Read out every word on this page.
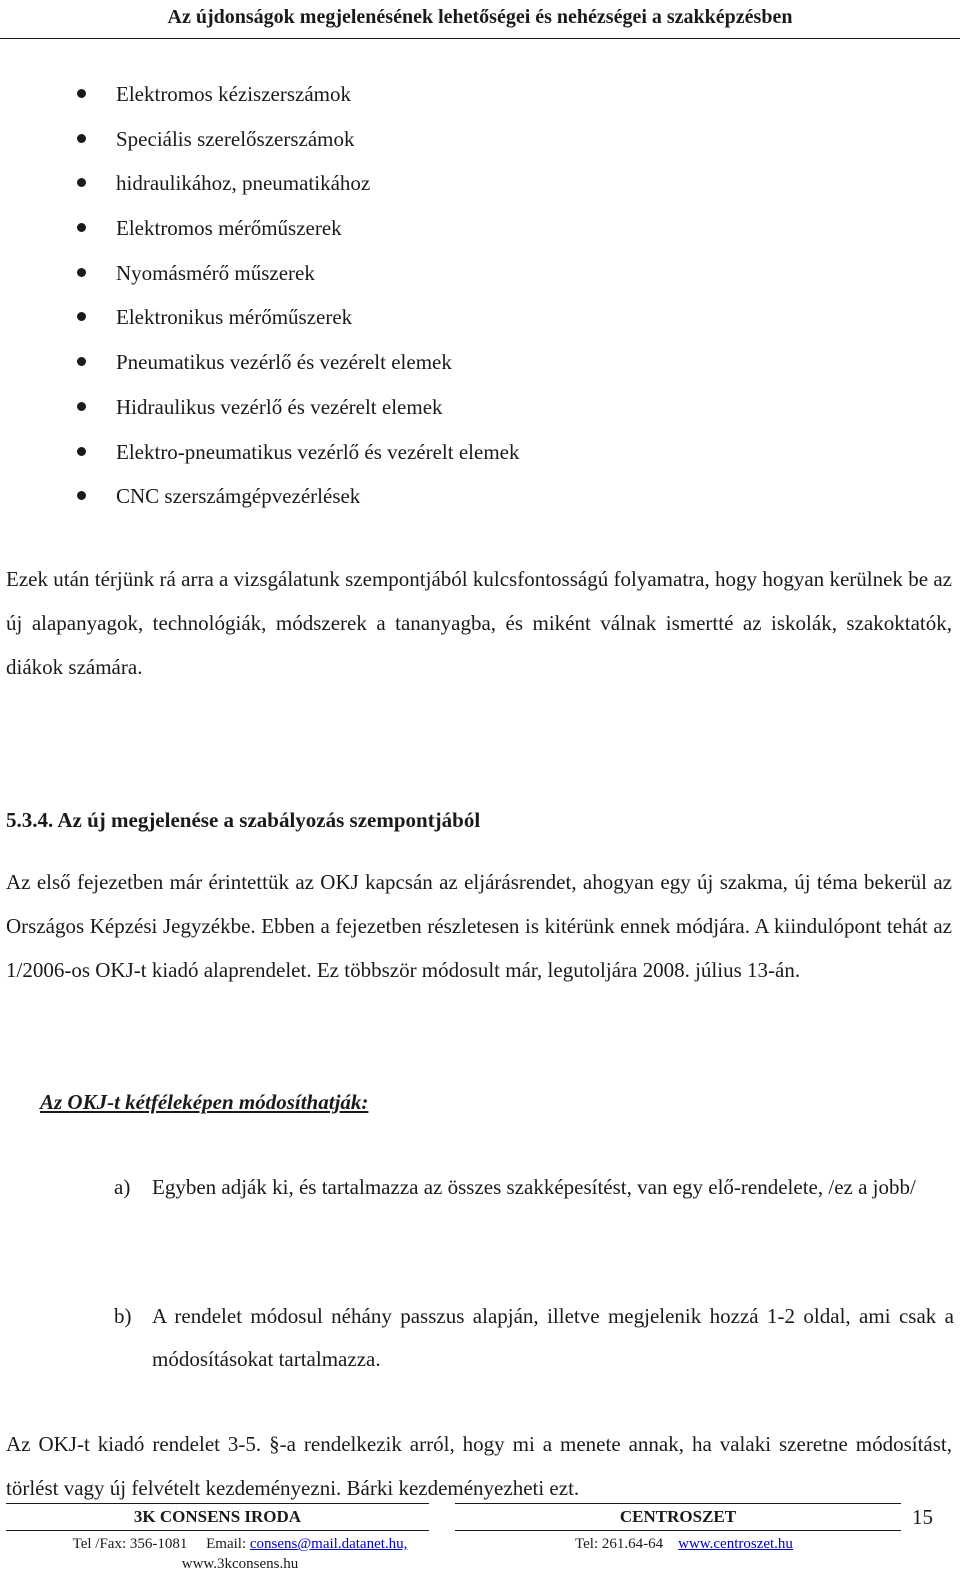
Az újdonságok megjelenésének lehetőségei és nehézségei a szakképzésben
Elektromos kéziszerszámok
Speciális szerelőszerszámok
hidraulikához, pneumatikához
Elektromos mérőműszerek
Nyomásmérő műszerek
Elektronikus mérőműszerek
Pneumatikus vezérlő és vezérelt elemek
Hidraulikus vezérlő és vezérelt elemek
Elektro-pneumatikus vezérlő és vezérelt elemek
CNC szerszámgépvezérlések

Ezek után térjünk rá arra a vizsgálatunk szempontjából kulcsfontosságú folyamatra, hogy hogyan kerülnek be az új alapanyagok, technológiák, módszerek a tananyagba, és miként válnak ismertté az iskolák, szakoktatók, diákok számára.

5.3.4. Az új megjelenése a szabályozás szempontjából

Az első fejezetben már érintettük az OKJ kapcsán az eljárásrendet, ahogyan egy új szakma, új téma bekerül az Országos Képzési Jegyzékbe. Ebben a fejezetben részletesen is kitérünk ennek módjára. A kiindulópont tehát az 1/2006-os OKJ-t kiadó alaprendelet. Ez többször módosult már, legutoljára 2008. július 13-án.

Az OKJ-t kétféleképen módosíthatják:
a) Egyben adják ki, és tartalmazza az összes szakképesítést, van egy elő-rendelete, /ez a jobb/
b) A rendelet módosul néhány passzus alapján, illetve megjelenik hozzá 1-2 oldal, ami csak a módosításokat tartalmazza.

Az OKJ-t kiadó rendelet 3-5. §-a rendelkezik arról, hogy mi a menete annak, ha valaki szeretne módosítást, törlést vagy új felvételt kezdeményezni. Bárki kezdeményezheti ezt.

3K CONSENS IRODA	CENTROSZET	15
Tel /Fax: 356-1081 Email: consens@mail.datanet.hu,
www.3kconsens.hu
Tel: 261.64-64 www.centroszet.hu
